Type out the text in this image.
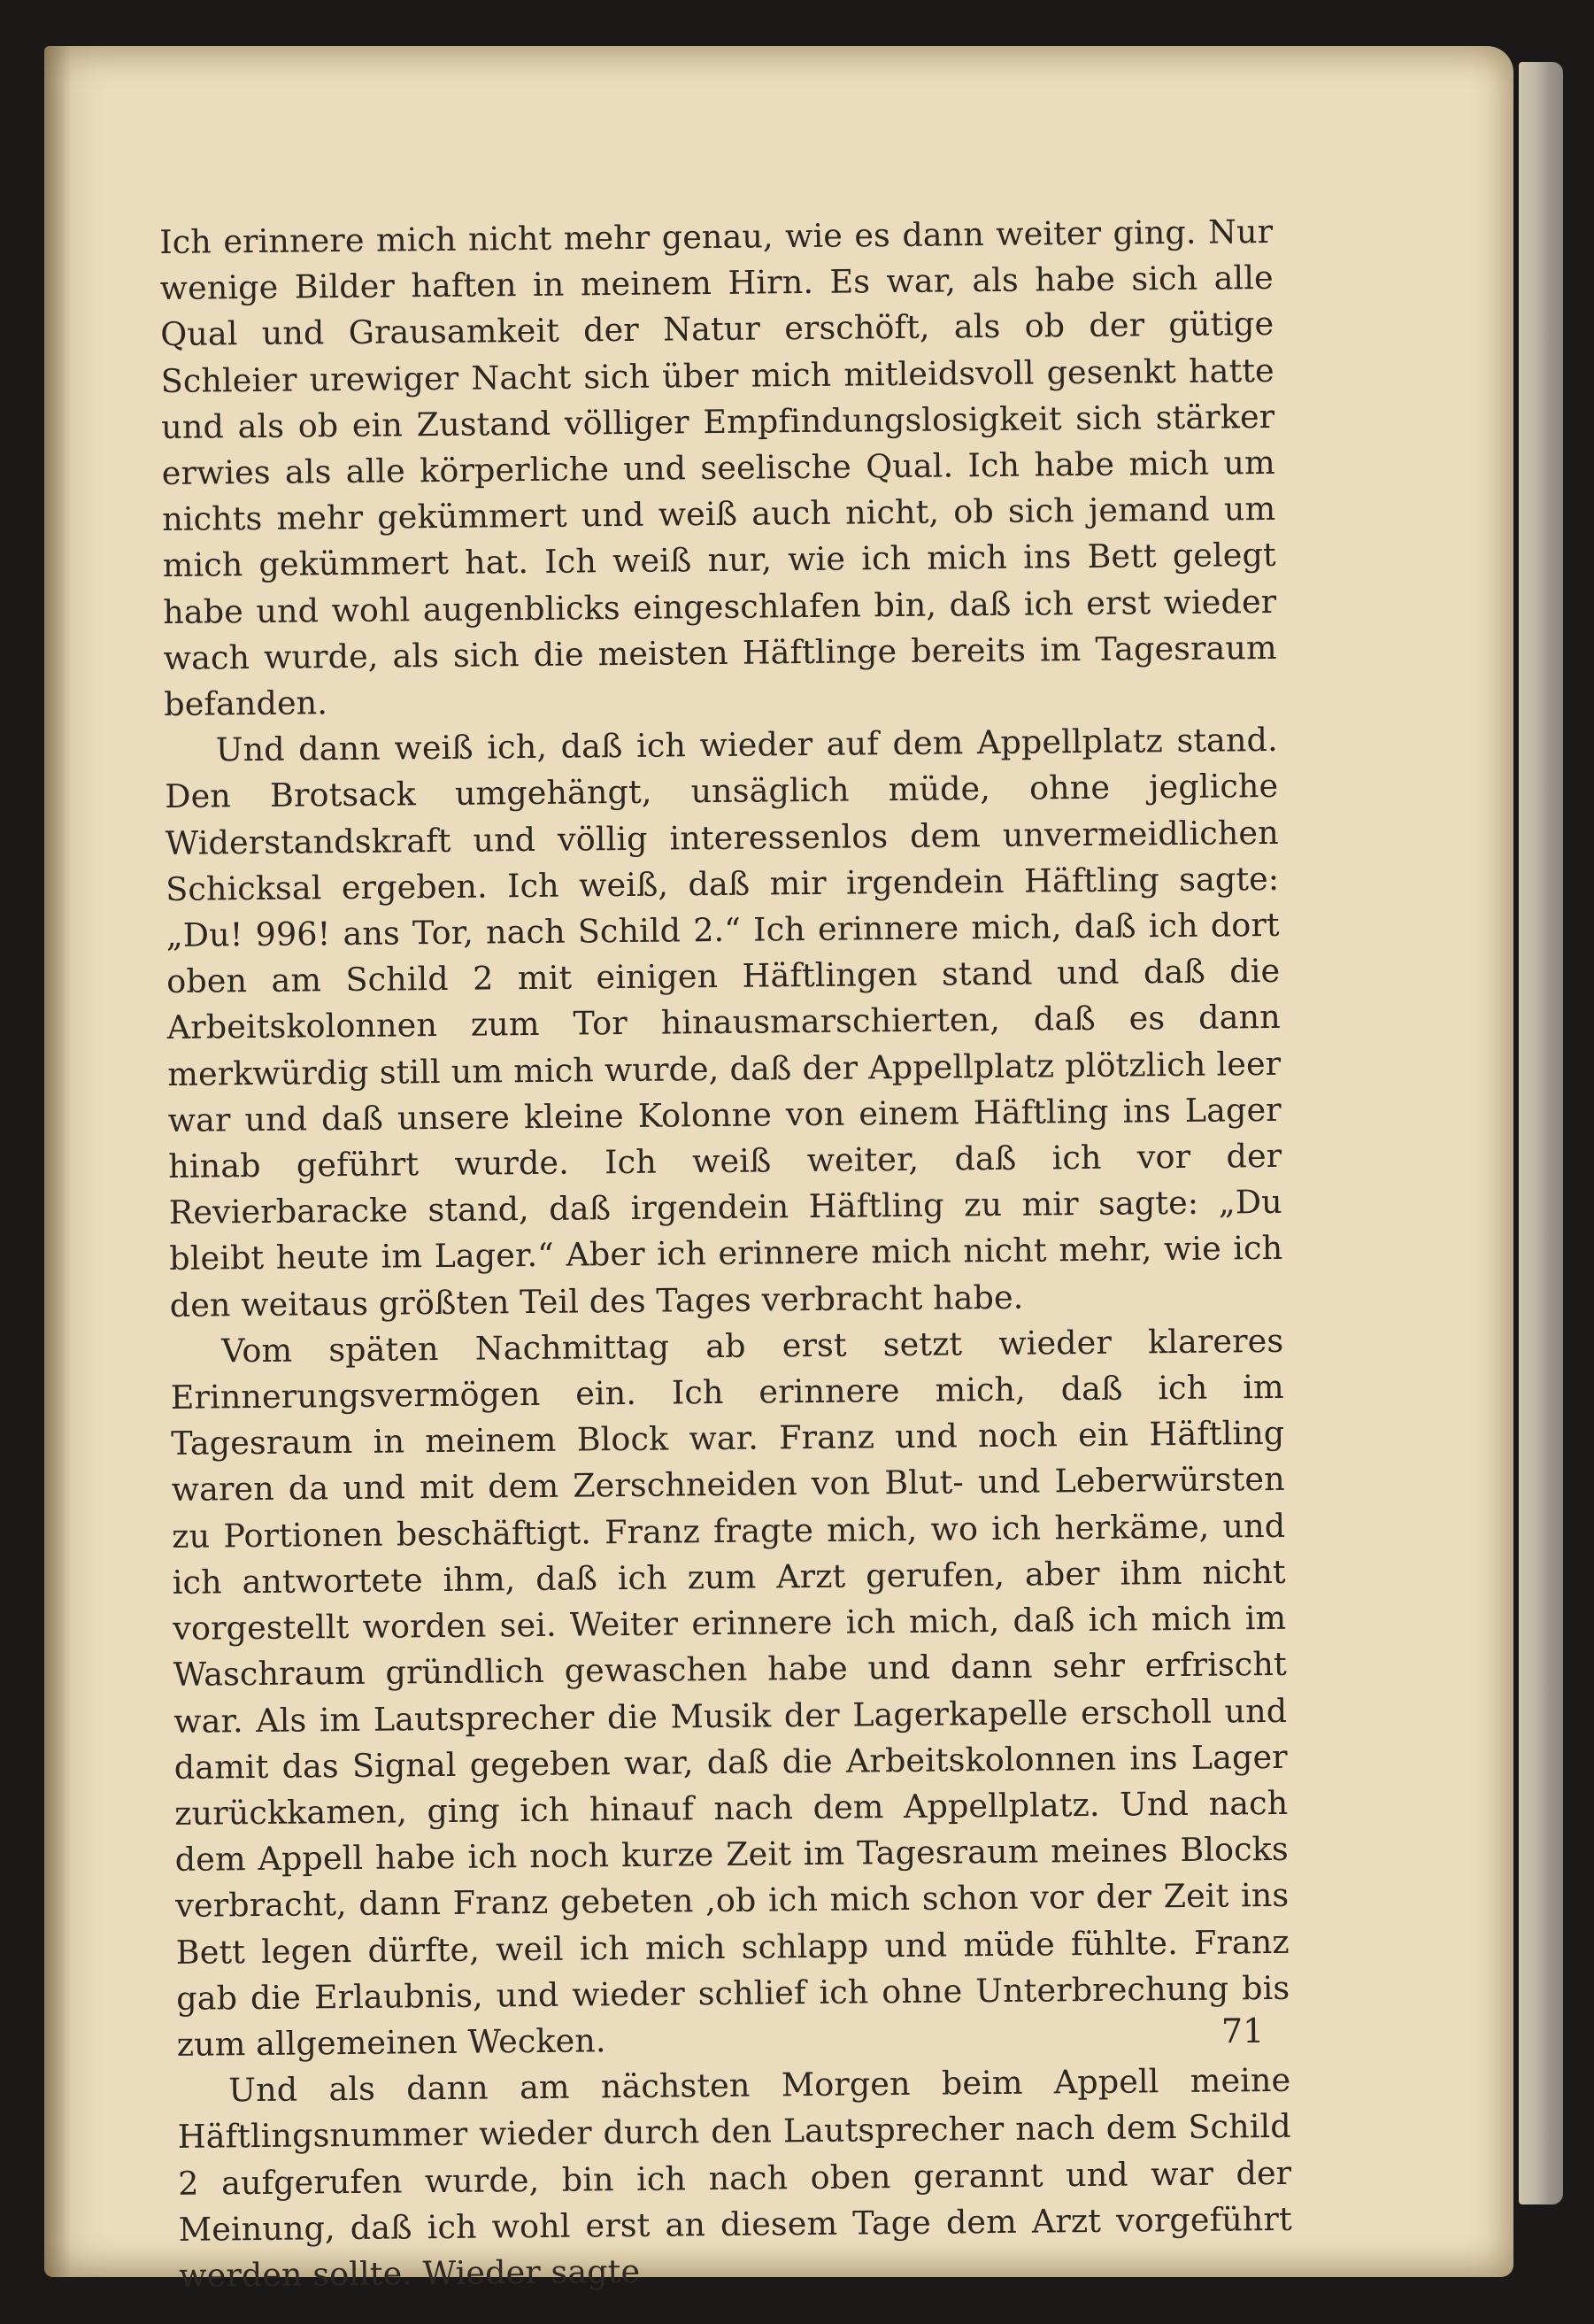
Ich erinnere mich nicht mehr genau, wie es dann weiter ging. Nur wenige Bilder haften in meinem Hirn. Es war, als habe sich alle Qual und Grausamkeit der Natur erschöft, als ob der gütige Schleier urewiger Nacht sich über mich mitleidsvoll gesenkt hatte und als ob ein Zustand völliger Empfindungslosigkeit sich stärker erwies als alle körperliche und seelische Qual. Ich habe mich um nichts mehr gekümmert und weiß auch nicht, ob sich jemand um mich gekümmert hat. Ich weiß nur, wie ich mich ins Bett gelegt habe und wohl augenblicks eingeschlafen bin, daß ich erst wieder wach wurde, als sich die meisten Häftlinge bereits im Tagesraum befanden.

Und dann weiß ich, daß ich wieder auf dem Appellplatz stand. Den Brotsack umgehängt, unsäglich müde, ohne jegliche Widerstandskraft und völlig interessenlos dem unvermeidlichen Schicksal ergeben. Ich weiß, daß mir irgendein Häftling sagte: „Du! 996! ans Tor, nach Schild 2.“ Ich erinnere mich, daß ich dort oben am Schild 2 mit einigen Häftlingen stand und daß die Arbeitskolonnen zum Tor hinausmarschierten, daß es dann merkwürdig still um mich wurde, daß der Appellplatz plötzlich leer war und daß unsere kleine Kolonne von einem Häftling ins Lager hinab geführt wurde. Ich weiß weiter, daß ich vor der Revierbaracke stand, daß irgendein Häftling zu mir sagte: „Du bleibt heute im Lager.“ Aber ich erinnere mich nicht mehr, wie ich den weitaus größten Teil des Tages verbracht habe.

Vom späten Nachmittag ab erst setzt wieder klareres Erinnerungsvermögen ein. Ich erinnere mich, daß ich im Tagesraum in meinem Block war. Franz und noch ein Häftling waren da und mit dem Zerschneiden von Blut- und Leberwürsten zu Portionen beschäftigt. Franz fragte mich, wo ich herkäme, und ich antwortete ihm, daß ich zum Arzt gerufen, aber ihm nicht vorgestellt worden sei. Weiter erinnere ich mich, daß ich mich im Waschraum gründlich gewaschen habe und dann sehr erfrischt war. Als im Lautsprecher die Musik der Lagerkapelle erscholl und damit das Signal gegeben war, daß die Arbeitskolonnen ins Lager zurückkamen, ging ich hinauf nach dem Appellplatz. Und nach dem Appell habe ich noch kurze Zeit im Tagesraum meines Blocks verbracht, dann Franz gebeten ,ob ich mich schon vor der Zeit ins Bett legen dürfte, weil ich mich schlapp und müde fühlte. Franz gab die Erlaubnis, und wieder schlief ich ohne Unterbrechung bis zum allgemeinen Wecken.

Und als dann am nächsten Morgen beim Appell meine Häftlingsnummer wieder durch den Lautsprecher nach dem Schild 2 aufgerufen wurde, bin ich nach oben gerannt und war der Meinung, daß ich wohl erst an diesem Tage dem Arzt vorgeführt werden sollte. Wieder sagte

71
